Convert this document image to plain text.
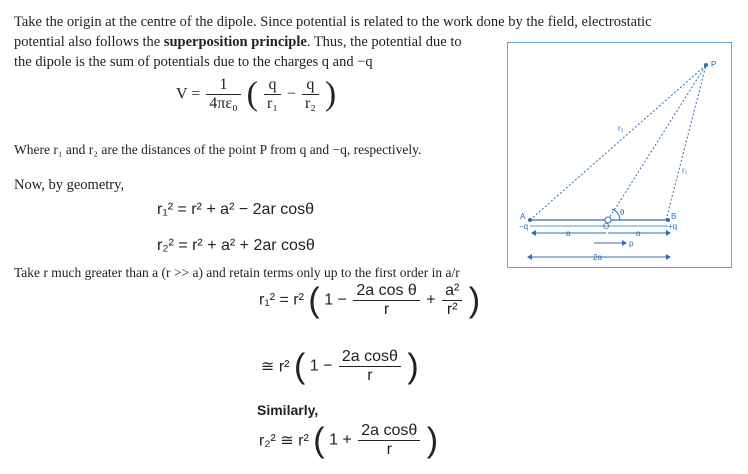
Take the origin at the centre of the dipole. Since potential is related to the work done by the field, electrostatic

potential also follows the superposition principle. Thus, the potential due to

the dipole is the sum of potentials due to the charges q and −q

$V = \frac{1}{\text{4πε₀}}$ ( $\frac{q}{\text{r₁}} - \frac{q}{\text{r₂}}$ )

Where r₁ and r₂ are the distances of the point P from q and −q, respectively.

Now, by geometry,

r₁² = r² + a² − 2ar cosθ
r₂² = r² + a² + 2ar cosθ

Take r much greater than a (r >> a) and retain terms only up to the first order in a/r

r₁² = r² ( $1 - \frac{\text{2a cos θ}}{r} + \frac{\text{a²}}{\text{r²}}$ )
≅ r² ( $1 - \frac{\text{2a cosθ}}{r}$ )

Similarly,

r₂² ≅ r² ( $1 + \frac{\text{2a cosθ}}{r}$ )
P
r₂
r₁
θ
A
−q
B
+q
O
a	a
p
2a
